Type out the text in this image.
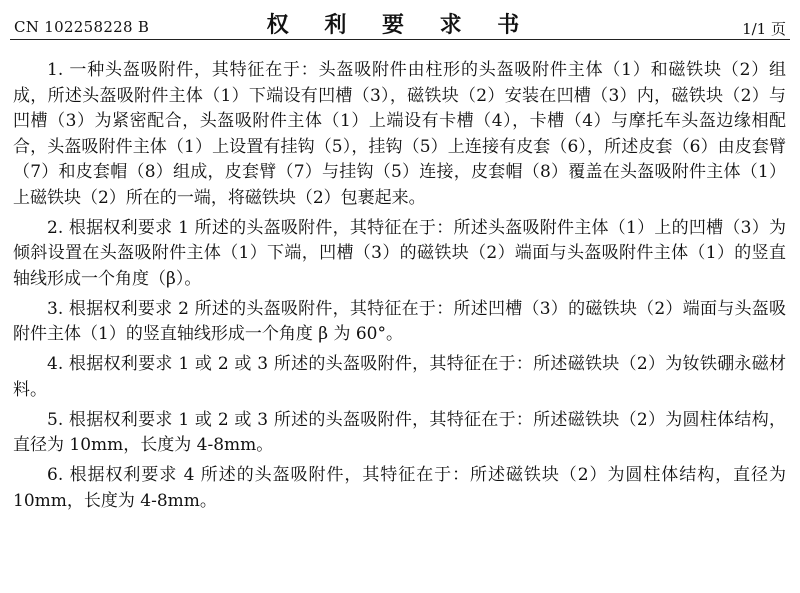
CN 102258228 B	权 利 要 求 书	1/1 页

1. 一种头盔吸附件，其特征在于：头盔吸附件由柱形的头盔吸附件主体（1）和磁铁块（2）组成，所述头盔吸附件主体（1）下端设有凹槽（3），磁铁块（2）安装在凹槽（3）内，磁铁块（2）与凹槽（3）为紧密配合，头盔吸附件主体（1）上端设有卡槽（4），卡槽（4）与摩托车头盔边缘相配合，头盔吸附件主体（1）上设置有挂钩（5），挂钩（5）上连接有皮套（6），所述皮套（6）由皮套臂（7）和皮套帽（8）组成，皮套臂（7）与挂钩（5）连接，皮套帽（8）覆盖在头盔吸附件主体（1）上磁铁块（2）所在的一端，将磁铁块（2）包裹起来。

2. 根据权利要求 1 所述的头盔吸附件，其特征在于：所述头盔吸附件主体（1）上的凹槽（3）为倾斜设置在头盔吸附件主体（1）下端，凹槽（3）的磁铁块（2）端面与头盔吸附件主体（1）的竖直轴线形成一个角度（β）。

3. 根据权利要求 2 所述的头盔吸附件，其特征在于：所述凹槽（3）的磁铁块（2）端面与头盔吸附件主体（1）的竖直轴线形成一个角度 β 为 60°。

4. 根据权利要求 1 或 2 或 3 所述的头盔吸附件，其特征在于：所述磁铁块（2）为钕铁硼永磁材料。

5. 根据权利要求 1 或 2 或 3 所述的头盔吸附件，其特征在于：所述磁铁块（2）为圆柱体结构，直径为 10mm，长度为 4-8mm。

6. 根据权利要求 4 所述的头盔吸附件，其特征在于：所述磁铁块（2）为圆柱体结构，直径为 10mm，长度为 4-8mm。
